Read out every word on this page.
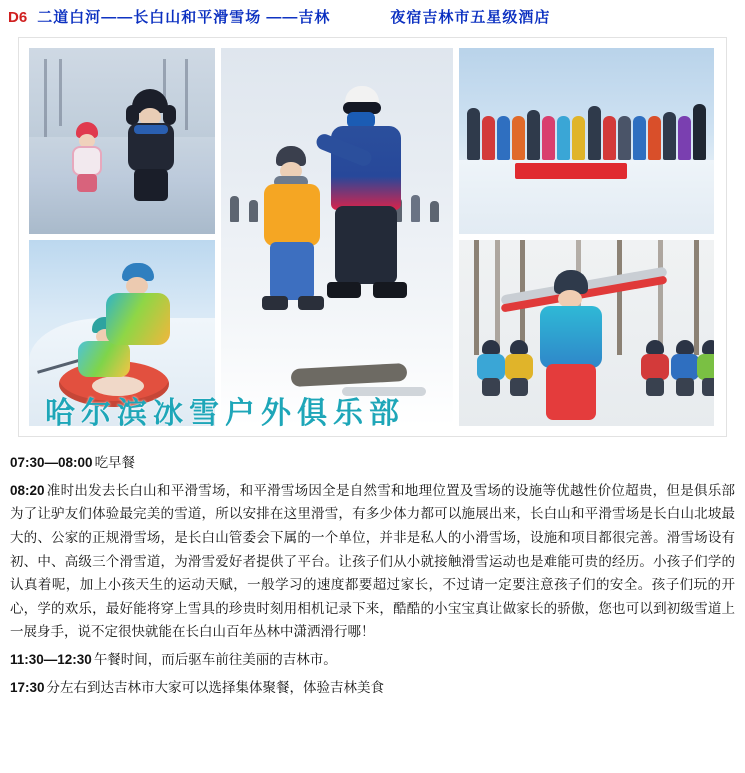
D6 二道白河——长白山和平滑雪场 ——吉林	夜宿吉林市五星级酒店
哈尔滨冰雪户外俱乐部
07:30—08:00 吃早餐
08:20 准时出发去长白山和平滑雪场，和平滑雪场因全是自然雪和地理位置及雪场的设施等优越性价位超贵，但是俱乐部为了让驴友们体验最完美的雪道，所以安排在这里滑雪，有多少体力都可以施展出来，长白山和平滑雪场是长白山北坡最大的、公家的正规滑雪场，是长白山管委会下属的一个单位，并非是私人的小滑雪场，设施和项目都很完善。滑雪场设有初、中、高级三个滑雪道，为滑雪爱好者提供了平台。让孩子们从小就接触滑雪运动也是难能可贵的经历。小孩子们学的认真着呢，加上小孩天生的运动天赋，一般学习的速度都要超过家长，不过请一定要注意孩子们的安全。孩子们玩的开心，学的欢乐，最好能将穿上雪具的珍贵时刻用相机记录下来，酷酷的小宝宝真让做家长的骄傲，您也可以到初级雪道上一展身手，说不定很快就能在长白山百年丛林中潇洒滑行哪！
11:30—12:30 午餐时间，而后驱车前往美丽的吉林市。
17:30 分左右到达吉林市大家可以选择集体聚餐，体验吉林美食
